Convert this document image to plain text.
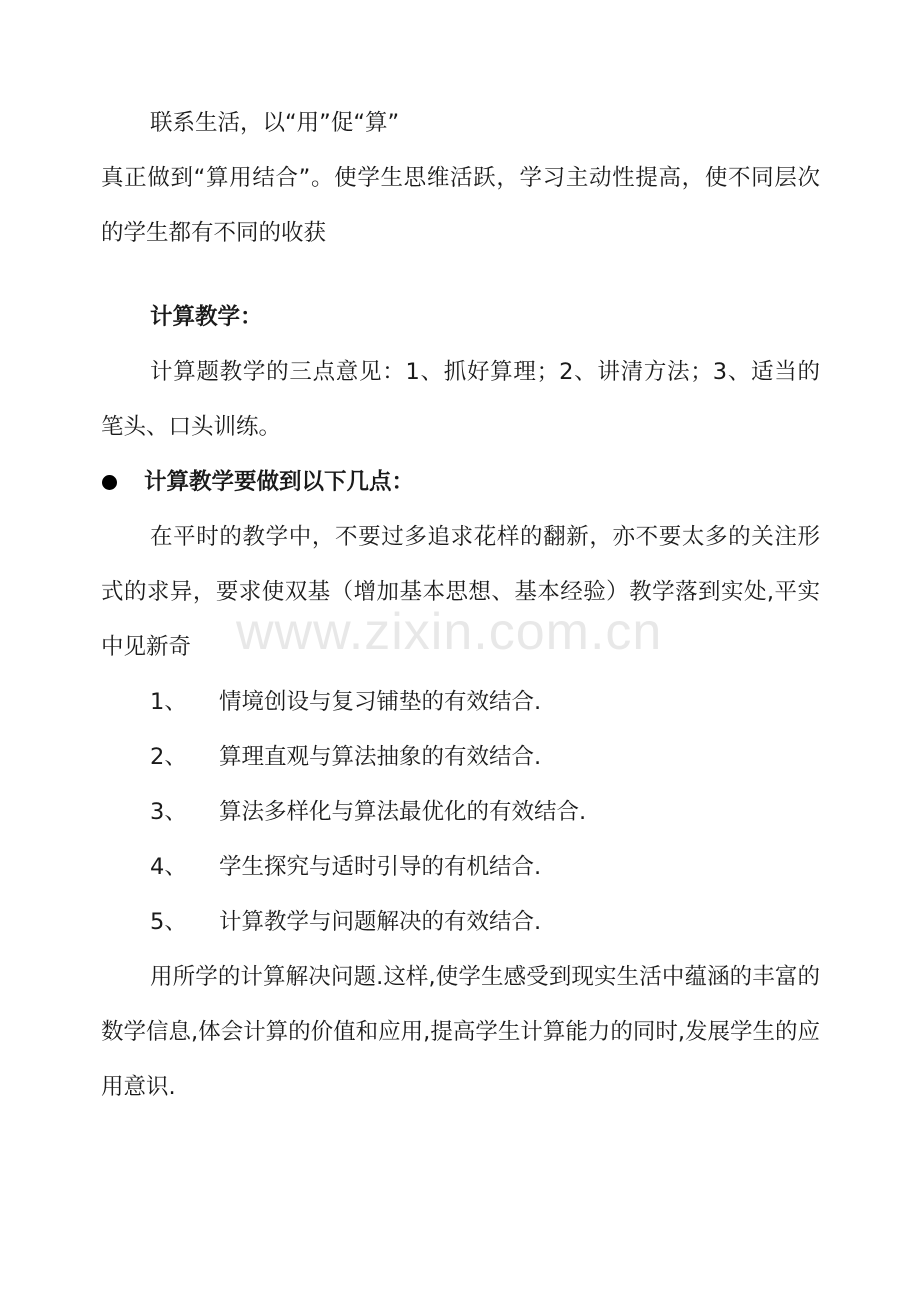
联系生活，以“用”促“算”

真正做到“算用结合”。使学生思维活跃，学习主动性提高，使不同层次的学生都有不同的收获

计算教学：

计算题教学的三点意见：1、抓好算理；2、讲清方法；3、适当的笔头、口头训练。

计算教学要做到以下几点：

在平时的教学中，不要过多追求花样的翻新，亦不要太多的关注形式的求异，要求使双基（增加基本思想、基本经验）教学落到实处,平实中见新奇

1、	情境创设与复习铺垫的有效结合.
2、	算理直观与算法抽象的有效结合.
3、	算法多样化与算法最优化的有效结合.
4、	学生探究与适时引导的有机结合.
5、	计算教学与问题解决的有效结合.

用所学的计算解决问题.这样,使学生感受到现实生活中蕴涵的丰富的数学信息,体会计算的价值和应用,提高学生计算能力的同时,发展学生的应用意识.

www.zixin.com.cn
